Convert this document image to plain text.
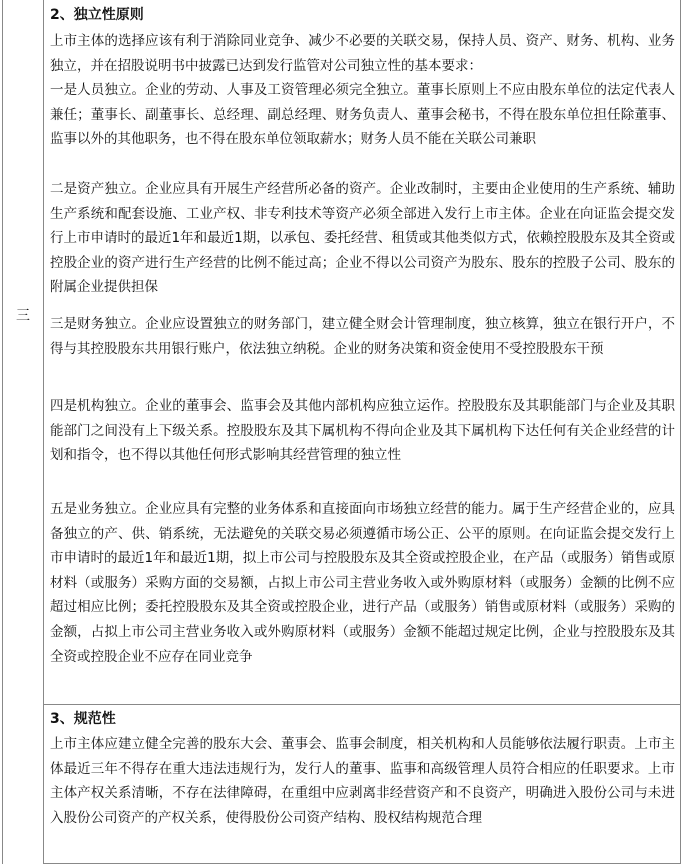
三
2、独立性原则
上市主体的选择应该有利于消除同业竞争、减少不必要的关联交易，保持人员、资产、财务、机构、业务独立，并在招股说明书中披露已达到发行监管对公司独立性的基本要求：
一是人员独立。企业的劳动、人事及工资管理必须完全独立。董事长原则上不应由股东单位的法定代表人兼任；董事长、副董事长、总经理、副总经理、财务负责人、董事会秘书，不得在股东单位担任除董事、监事以外的其他职务，也不得在股东单位领取薪水；财务人员不能在关联公司兼职
二是资产独立。企业应具有开展生产经营所必备的资产。企业改制时，主要由企业使用的生产系统、辅助生产系统和配套设施、工业产权、非专利技术等资产必须全部进入发行上市主体。企业在向证监会提交发行上市申请时的最近1年和最近1期，以承包、委托经营、租赁或其他类似方式，依赖控股股东及其全资或控股企业的资产进行生产经营的比例不能过高；企业不得以公司资产为股东、股东的控股子公司、股东的附属企业提供担保
三是财务独立。企业应设置独立的财务部门，建立健全财会计管理制度，独立核算，独立在银行开户，不得与其控股股东共用银行账户，依法独立纳税。企业的财务决策和资金使用不受控股股东干预
四是机构独立。企业的董事会、监事会及其他内部机构应独立运作。控股股东及其职能部门与企业及其职能部门之间没有上下级关系。控股股东及其下属机构不得向企业及其下属机构下达任何有关企业经营的计划和指令，也不得以其他任何形式影响其经营管理的独立性
五是业务独立。企业应具有完整的业务体系和直接面向市场独立经营的能力。属于生产经营企业的，应具备独立的产、供、销系统，无法避免的关联交易必须遵循市场公正、公平的原则。在向证监会提交发行上市申请时的最近1年和最近1期，拟上市公司与控股股东及其全资或控股企业，在产品（或服务）销售或原材料（或服务）采购方面的交易额，占拟上市公司主营业务收入或外购原材料（或服务）金额的比例不应超过相应比例；委托控股股东及其全资或控股企业，进行产品（或服务）销售或原材料（或服务）采购的金额，占拟上市公司主营业务收入或外购原材料（或服务）金额不能超过规定比例，企业与控股股东及其全资或控股企业不应存在同业竞争
3、规范性
上市主体应建立健全完善的股东大会、董事会、监事会制度，相关机构和人员能够依法履行职责。上市主体最近三年不得存在重大违法违规行为，发行人的董事、监事和高级管理人员符合相应的任职要求。上市主体产权关系清晰，不存在法律障碍，在重组中应剥离非经营资产和不良资产，明确进入股份公司与未进入股份公司资产的产权关系，使得股份公司资产结构、股权结构规范合理
